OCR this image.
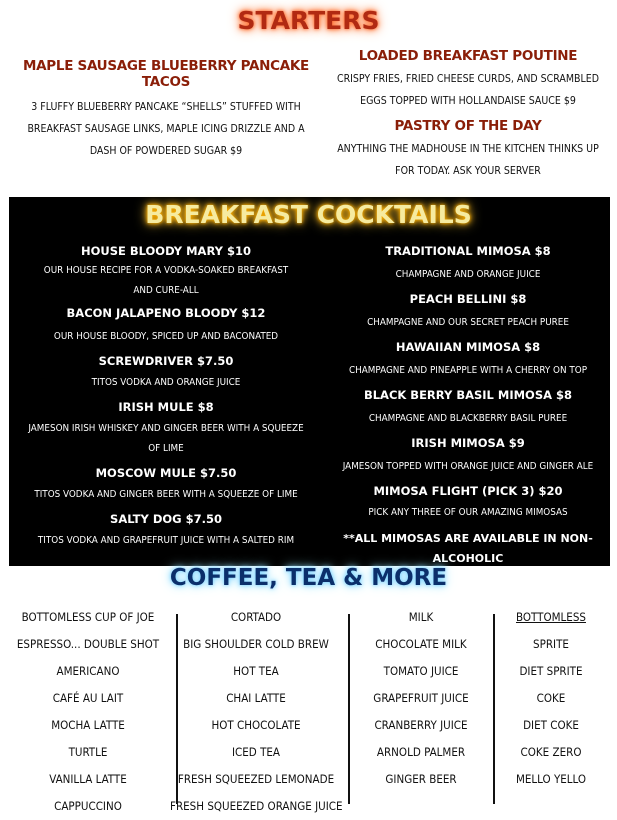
STARTERS
MAPLE SAUSAGE BLUEBERRY PANCAKE TACOS
3 FLUFFY BLUEBERRY PANCAKE “SHELLS” STUFFED WITH BREAKFAST SAUSAGE LINKS, MAPLE ICING DRIZZLE AND A DASH OF POWDERED SUGAR $9
LOADED BREAKFAST POUTINE
CRISPY FRIES, FRIED CHEESE CURDS, AND SCRAMBLED EGGS TOPPED WITH HOLLANDAISE SAUCE $9
PASTRY OF THE DAY
ANYTHING THE MADHOUSE IN THE KITCHEN THINKS UP FOR TODAY. ASK YOUR SERVER
HOUSE BLOODY MARY $10
OUR HOUSE RECIPE FOR A VODKA-SOAKED BREAKFAST AND CURE-ALL
BACON JALAPENO BLOODY $12
OUR HOUSE BLOODY, SPICED UP AND BACONATED
SCREWDRIVER $7.50
TITOS VODKA AND ORANGE JUICE
IRISH MULE $8
JAMESON IRISH WHISKEY AND GINGER BEER WITH A SQUEEZE OF LIME
MOSCOW MULE $7.50
TITOS VODKA AND GINGER BEER WITH A SQUEEZE OF LIME
SALTY DOG $7.50
TITOS VODKA AND GRAPEFRUIT JUICE WITH A SALTED RIM
TRADITIONAL MIMOSA $8
CHAMPAGNE AND ORANGE JUICE
PEACH BELLINI $8
CHAMPAGNE AND OUR SECRET PEACH PUREE
HAWAIIAN MIMOSA $8
CHAMPAGNE AND PINEAPPLE WITH A CHERRY ON TOP
BLACK BERRY BASIL MIMOSA $8
CHAMPAGNE AND BLACKBERRY BASIL PUREE
IRISH MIMOSA $9
JAMESON TOPPED WITH ORANGE JUICE AND GINGER ALE
MIMOSA FLIGHT (PICK 3) $20
PICK ANY THREE OF OUR AMAZING MIMOSAS
**ALL MIMOSAS ARE AVAILABLE IN NON-ALCOHOLIC
BREAKFAST COCKTAILS
COFFEE, TEA & MORE
BOTTOMLESS CUP OF JOE
ESPRESSO... DOUBLE SHOT
AMERICANO
CAFÉ AU LAIT
MOCHA LATTE
TURTLE
VANILLA LATTE
CAPPUCCINO
CORTADO
BIG SHOULDER COLD BREW
HOT TEA
CHAI LATTE
HOT CHOCOLATE
ICED TEA
FRESH SQUEEZED LEMONADE
FRESH SQUEEZED ORANGE JUICE
MILK
CHOCOLATE MILK
TOMATO JUICE
GRAPEFRUIT JUICE
CRANBERRY JUICE
ARNOLD PALMER
GINGER BEER
BOTTOMLESS
SPRITE
DIET SPRITE
COKE
DIET COKE
COKE ZERO
MELLO YELLO
